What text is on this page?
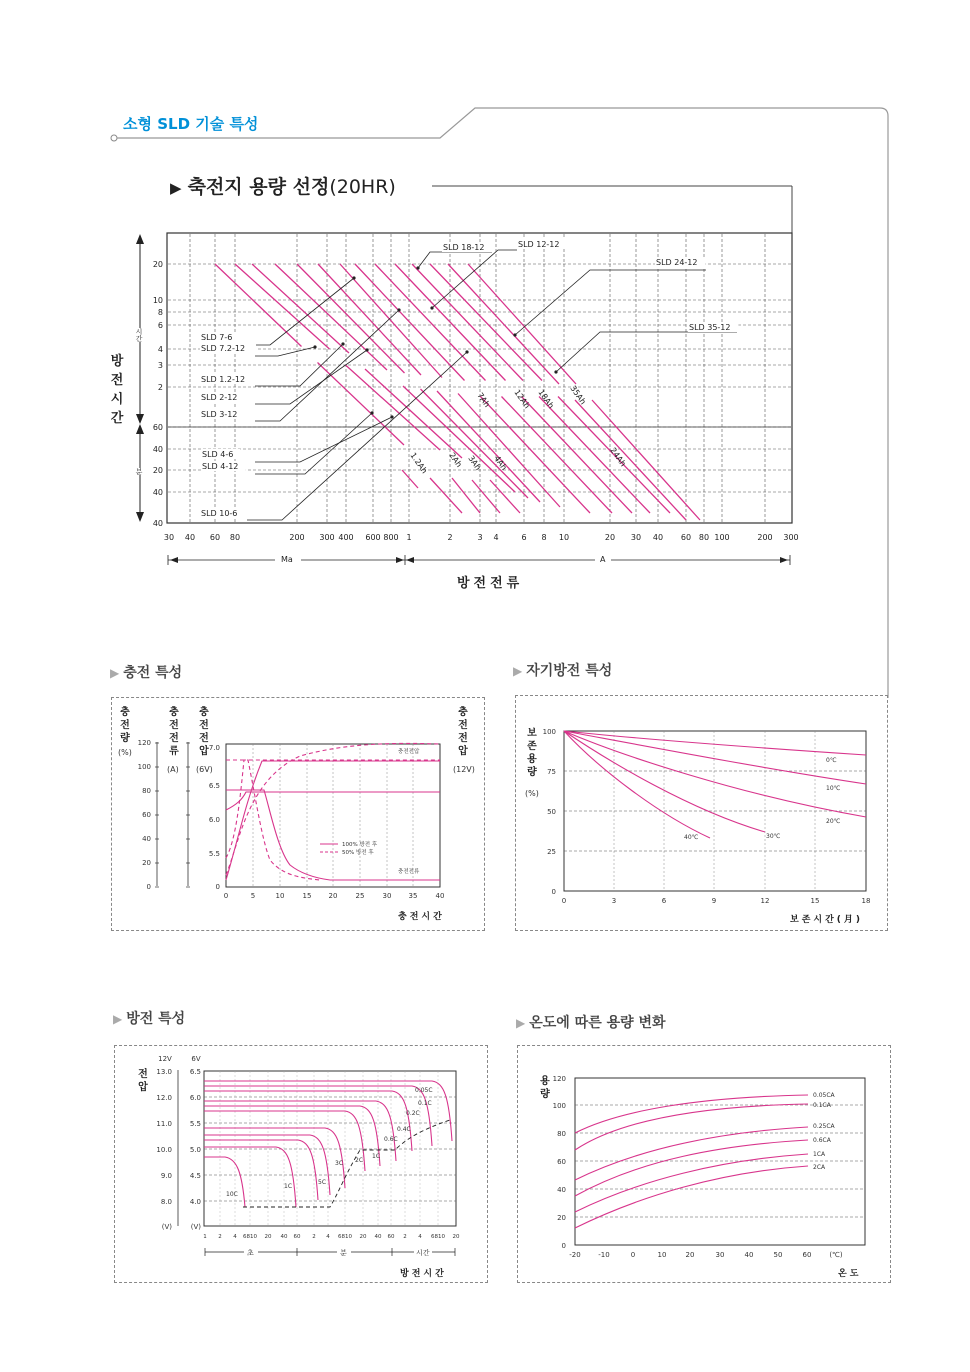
소형 SLD 기술 특성
▶ 축전지 용량 선정(20HR)
20
10
8
6
4
3
2
60
40
20
40
40
30 40 60 80	200 300 400 600 800 1	2	3 4	6 8 10	20 30 40 60 80 100	200 300
1.2Ah 2Ah 3Ah 4Ah
7Ah	12Ah 18Ah 35Ah
24Ah
SLD 18-12	SLD 12-12
SLD 24-12
SLD 35-12
SLD 7-6
SLD 7.2-12
SLD 1.2-12
SLD 2-12
SLD 3-12
SLD 4-6
SLD 4-12
SLD 10-6
Ma	A
방전전류
방
전
시
간
시간
분
▶ 충전 특성
충
전
량
(%)
충
전
전
류
(A)
충
전
전
압
(6V)
충
전
전
압
(12V)
0	5	10	15 20	25	30 35	40
120
100
80
60
40
20
0
7.0
6.5
6.0
5.5
0
충전전압
충전전류
100% 방전 후
50% 방전 후
충전시간
▶ 자기방전 특성
보
존
용
량
(%)
100
75
50
25
0
0	3	6	9	12	15	18
0℃
10℃
20℃
30℃
40℃
보존시간(月)
▶ 방전 특성
전
압
12V	6V
13.0
12.0
11.0
10.0
9.0
8.0
(V)
6.5
6.0
5.5
5.0
4.5
4.0
(V)
1 2 4 6810 20 40 60 2 4 6810 20 40 60 2 4 6810 20
0.05C
0.1C
0.2C
0.4C
0.6C
1C
2C
3C
5C
1C
10C
초	분	시간
방전시간
▶ 온도에 따른 용량 변화
용
량
120
100
80
60
40
20
0
-20	-10	0	10	20	30	40	50	60	(℃)
0.05CA
0.1CA
0.25CA
0.6CA
1CA
2CA
온도
